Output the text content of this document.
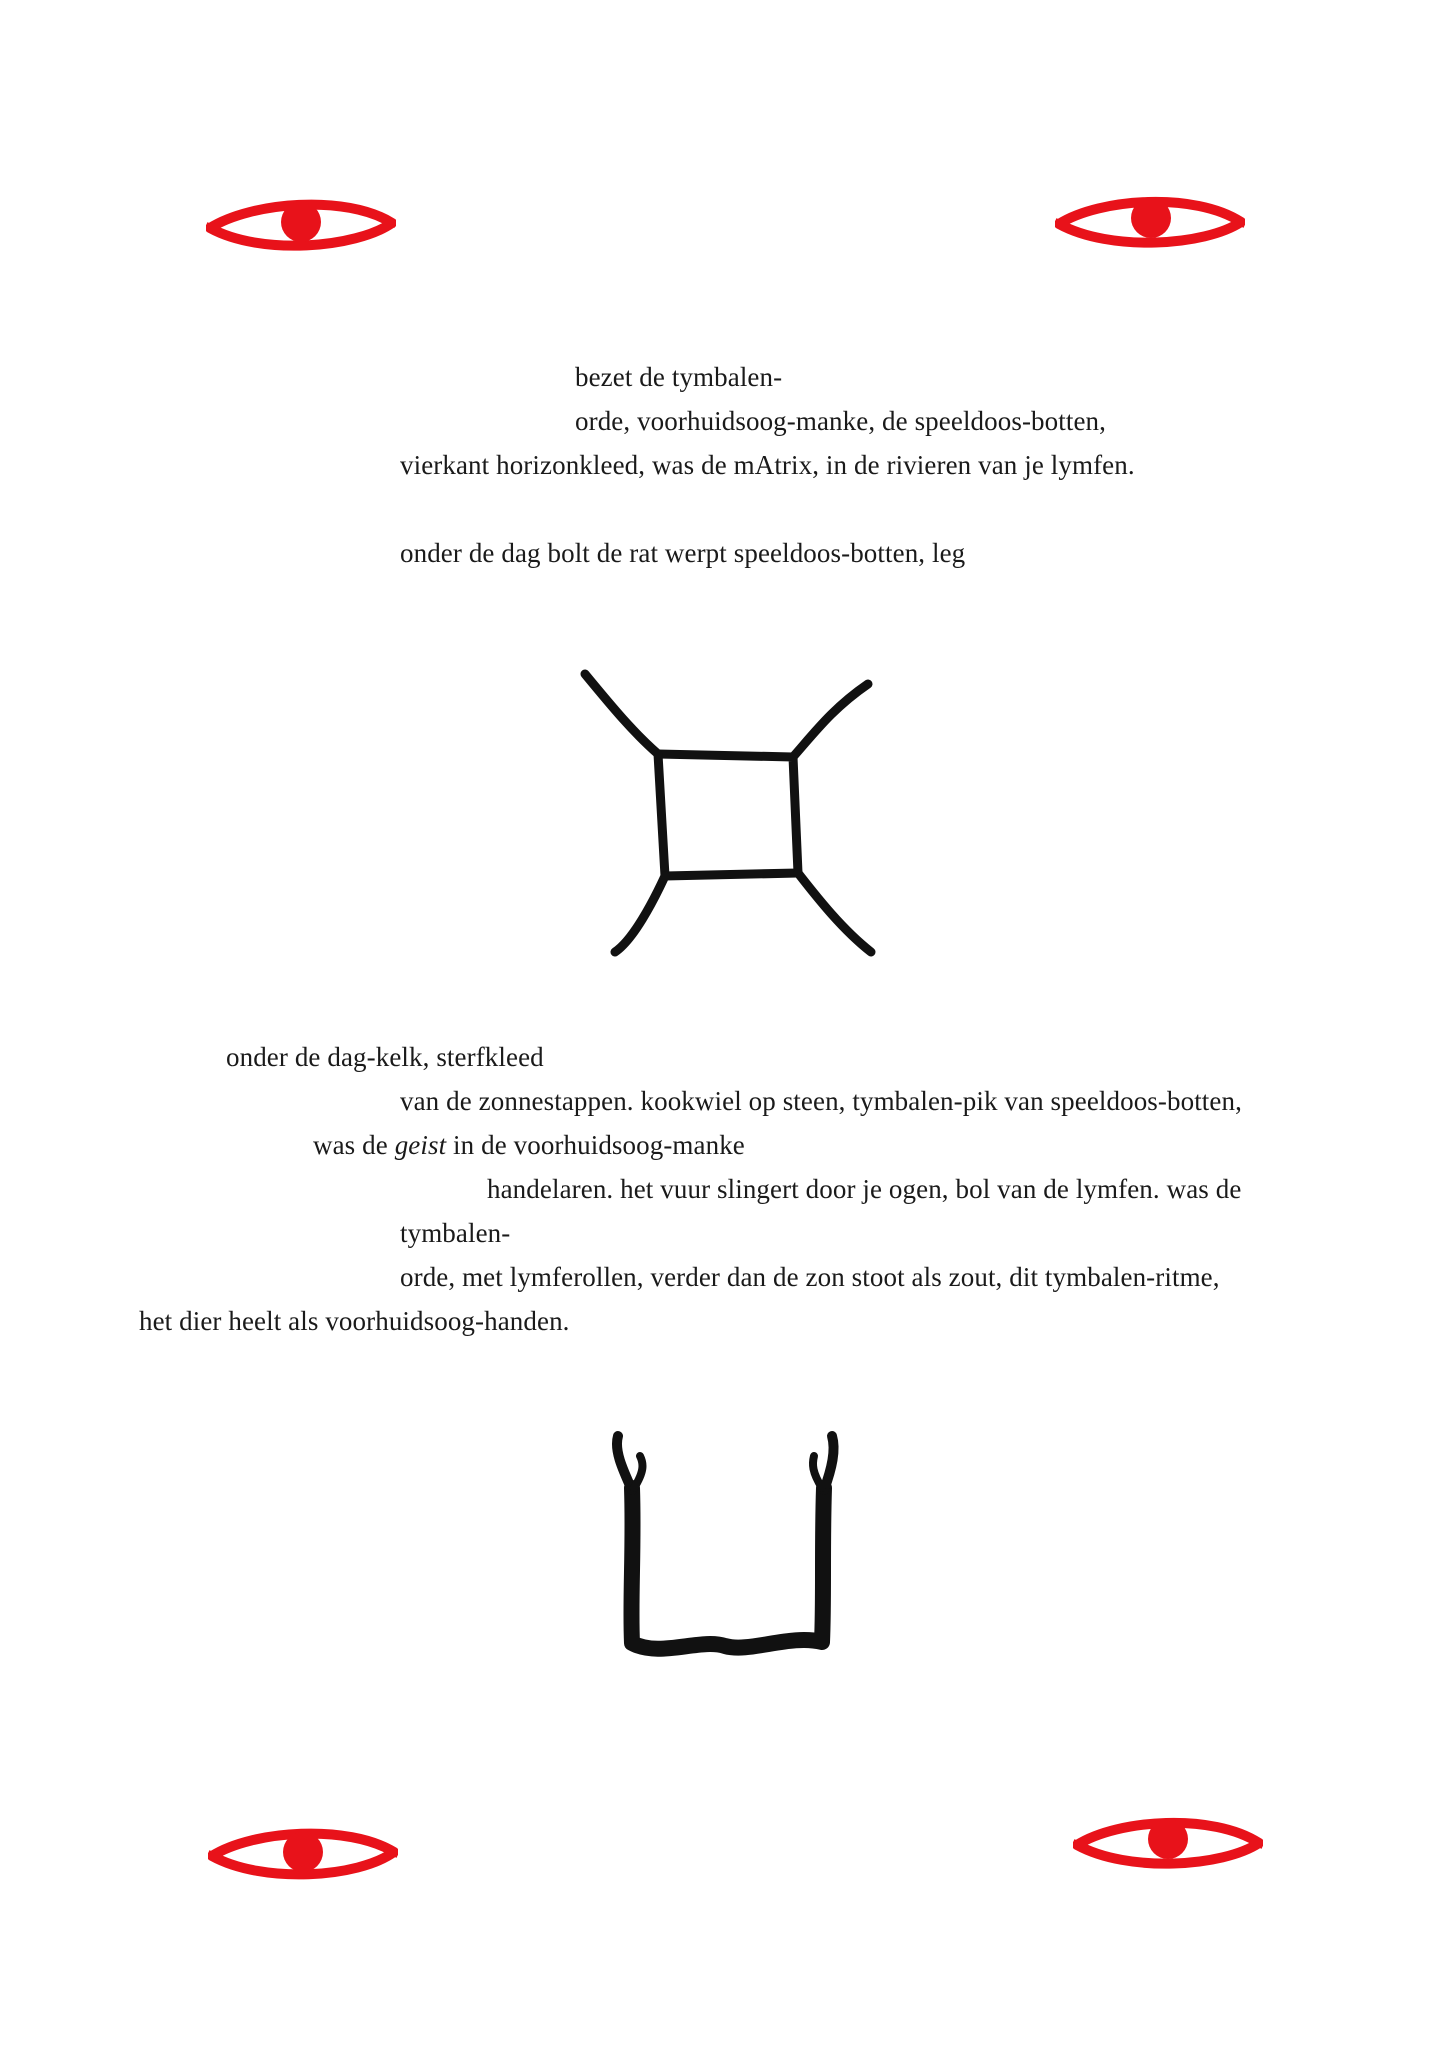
bezet de tymbalen-
orde, voorhuidsoog-manke, de speeldoos-botten,
vierkant horizonkleed, was de mAtrix, in de rivieren van je lymfen.
onder de dag bolt de rat werpt speeldoos-botten, leg
onder de dag-kelk, sterfkleed
van de zonnestappen. kookwiel op steen, tymbalen-pik van speeldoos-botten,
was de geist in de voorhuidsoog-manke
handelaren. het vuur slingert door je ogen, bol van de lymfen. was de
tymbalen-
orde, met lymferollen, verder dan de zon stoot als zout, dit tymbalen-ritme,
het dier heelt als voorhuidsoog-handen.
